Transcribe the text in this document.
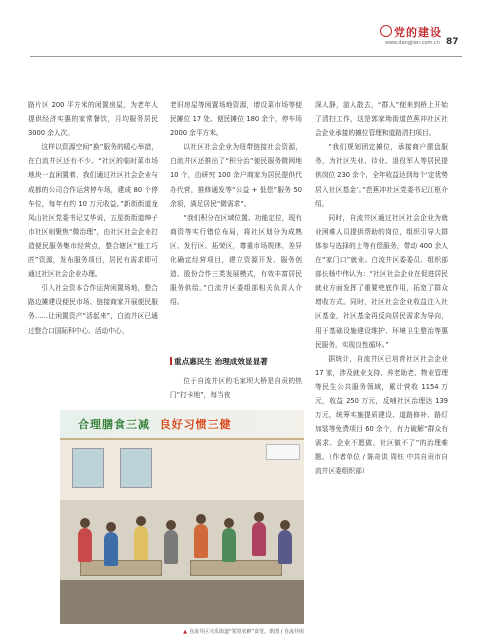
党的建设
www.dangjian.com.cn 87

路片区 200 平方米的闲置房屋，为老年人提供经济实惠的家常餐饮，月均服务居民 3000 余人次。

这样以资源空间“换”服务的暖心举措，在白流井区还有不少。“社区的临时菜市场地块一直闲置着，我们通过社区社会企业与成都的公司合作运营停车场，建成 80 个停车位，每年有约 10 万元收益。”新街街道龙凤山社区党委书记艾华说，五星街街道绅子市社区则聚焦“微治理”，由社区社会企业打造便民服务集市经营点，整合辖区“能工巧匠”资源，发布服务项目，居民有需求即可通过社区社会企业办理。

引入社会资本合作运营闲置场地，整合路边摊建设便民市场、链接商家开展便民服务……让闲置资产“活起来”，白流井区已通过整合口国际科中心、活动中心、

老旧房屋等闲置场地资源，增设菜市场等便民摊位 17 处、便民摊位 180 余个，停车场 2000 余平方米。

以社区社会企业为纽带链接社会资源，白流井区还推出了“积分治”便民服务微网地 10 个，由研究 100 余户商家为居民提供代办代营，推修通发等“公益 + 低偿”服务 50 余项，满足居民“微需求”。

“我们积分在区域位置、功能定位，现有商资等实行错位布局，将社区划分为成熟区、发行区、拓荣区，尊重市场规律、差异化确定经营项目，建立资源开发、服务创造、股份合作三类发展模式，有效丰富居民服务供给。”白流井区委组部相关负责人介绍。

重点惠民生 治理成效显显著

位于自流井区的毛家坝大桥是自贡的热门“打卡地”，每当夜

深人静，游人散去，“群人”便来到桥上开始了清扫工作，这是郭家坳街道芭蕉冲社区社会企业承接的摊位管理和道路清扫项目。

“我们规划团定摊位，承接商户摆盘服务，为社区失业、待业、退役军人等居民提供岗位 230 余个，全年收益达到每个‘定优势居入社区基金’。”芭蕉冲社区党委书记江枢介绍。

同时，自流井区通过社区社会企业为就业困难人员提供帮助的岗位，组织引导大群体参与选择的上等有偿服务，带动 400 余人在“家门口”就业。白流井区委委员、组织部部长杨中伟认为：“社区社会企业在促进居民就业方面发挥了重要兜底作用，拓宽了群众增收方式。同时，社区社会企业收益注入社区基金，社区基金再反向居民需求为导向，用于基础设施建设维护、环境卫生整治等惠民服务，实现良性循环。”

据统计，自流井区已培育社区社会企业 17 家，涉及就业支持、养老助老、物业管理等民生公共服务领域，累计营收 1154 万元，收益 250 万元，反哺社区治理达 139 万元，统筹实施提质建设、道路修补、路灯加装等免费项目 60 余个，有力破解“群众有需求、企业不愿做、社区做不了”的治理难题。（作者单位 / 陈奇洪 周钰 中共自贡市自流井区委组织部）

合理膳食三减 良好习惯三健
▲ 自流井区兴乐街道“邻里农鲜”食堂。供图 / 自流井组
